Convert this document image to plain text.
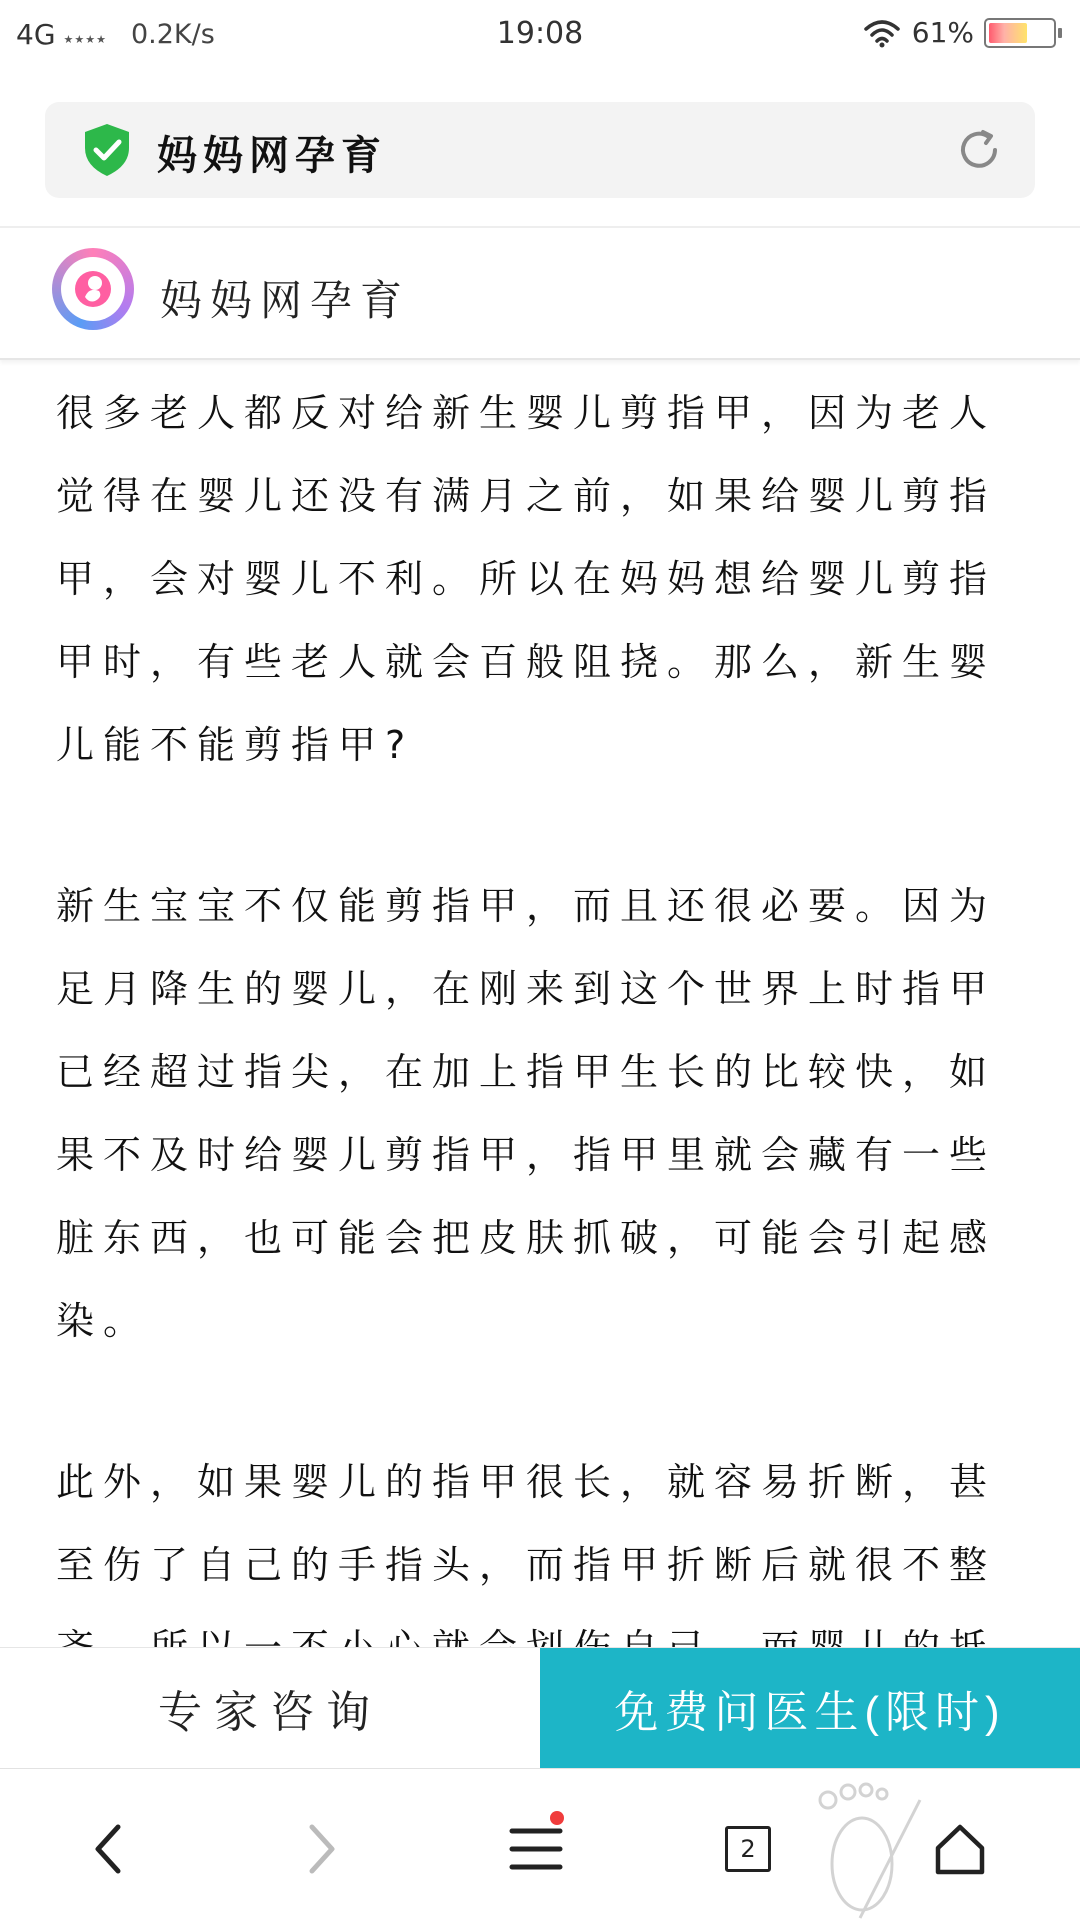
4G ★★★★ 0.2K/s	19:08	61%
妈妈网孕育
妈妈网孕育

很多老人都反对给新生婴儿剪指甲，因为老人觉得在婴儿还没有满月之前，如果给婴儿剪指甲，会对婴儿不利。所以在妈妈想给婴儿剪指甲时，有些老人就会百般阻挠。那么，新生婴儿能不能剪指甲?

新生宝宝不仅能剪指甲，而且还很必要。因为足月降生的婴儿，在刚来到这个世界上时指甲已经超过指尖，在加上指甲生长的比较快，如果不及时给婴儿剪指甲，指甲里就会藏有一些脏东西，也可能会把皮肤抓破，可能会引起感染。

此外，如果婴儿的指甲很长，就容易折断，甚至伤了自己的手指头，而指甲折断后就很不整

专家咨询	免费问医生(限时)
2
